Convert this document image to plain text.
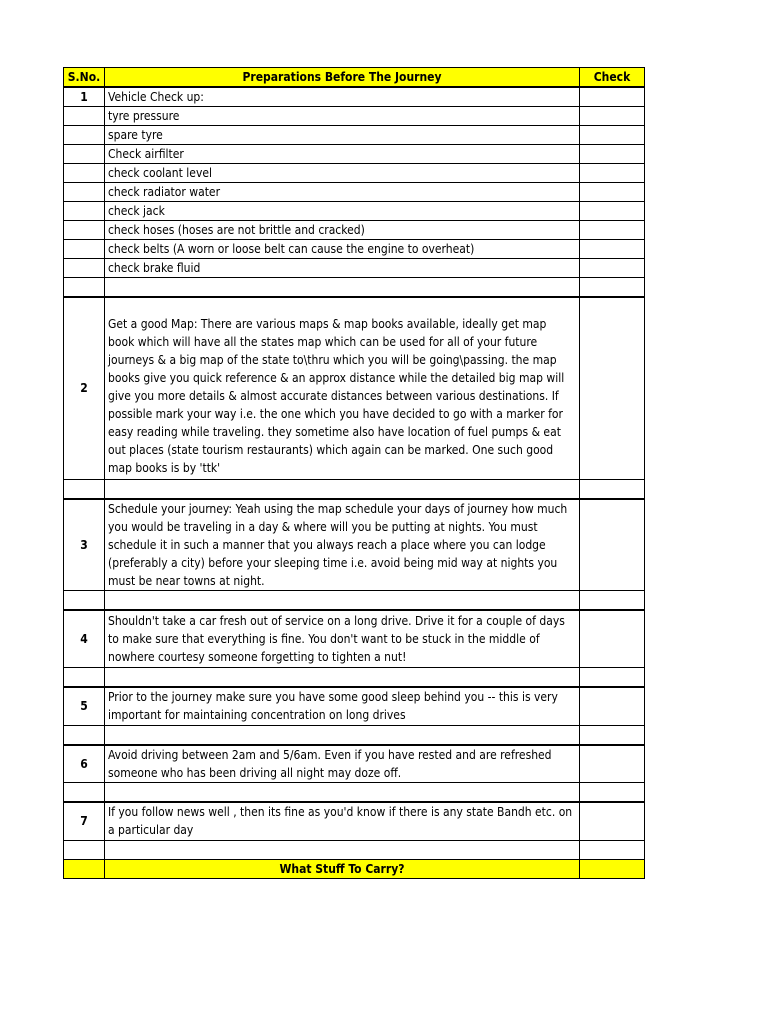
S.No.	Preparations Before The Journey	Check
1	Vehicle Check up:	
	tyre pressure	
	spare tyre	
	Check airfilter	
	check coolant level	
	check radiator water	
	check jack	
	check hoses (hoses are not brittle and cracked)	
	check belts (A worn or loose belt can cause the engine to overheat)	
	check brake fluid	

2	Get a good Map: There are various maps & map books available, ideally get map book which will have all the states map which can be used for all of your future journeys & a big map of the state to\thru which you will be going\passing. the map books give you quick reference & an approx distance while the detailed big map will give you more details & almost accurate distances between various destinations. If possible mark your way i.e. the one which you have decided to go with a marker for easy reading while traveling. they sometime also have location of fuel pumps & eat out places (state tourism restaurants) which again can be marked. One such good map books is by 'ttk'	

3	Schedule your journey: Yeah using the map schedule your days of journey how much you would be traveling in a day & where will you be putting at nights. You must schedule it in such a manner that you always reach a place where you can lodge (preferably a city) before your sleeping time i.e. avoid being mid way at nights you must be near towns at night.	

4	Shouldn't take a car fresh out of service on a long drive. Drive it for a couple of days to make sure that everything is fine. You don't want to be stuck in the middle of nowhere courtesy someone forgetting to tighten a nut!	

5	Prior to the journey make sure you have some good sleep behind you -- this is very important for maintaining concentration on long drives	

6	Avoid driving between 2am and 5/6am. Even if you have rested and are refreshed someone who has been driving all night may doze off.	

7	If you follow news well , then its fine as you'd know if there is any state Bandh etc. on a particular day	

	What Stuff To Carry?	
